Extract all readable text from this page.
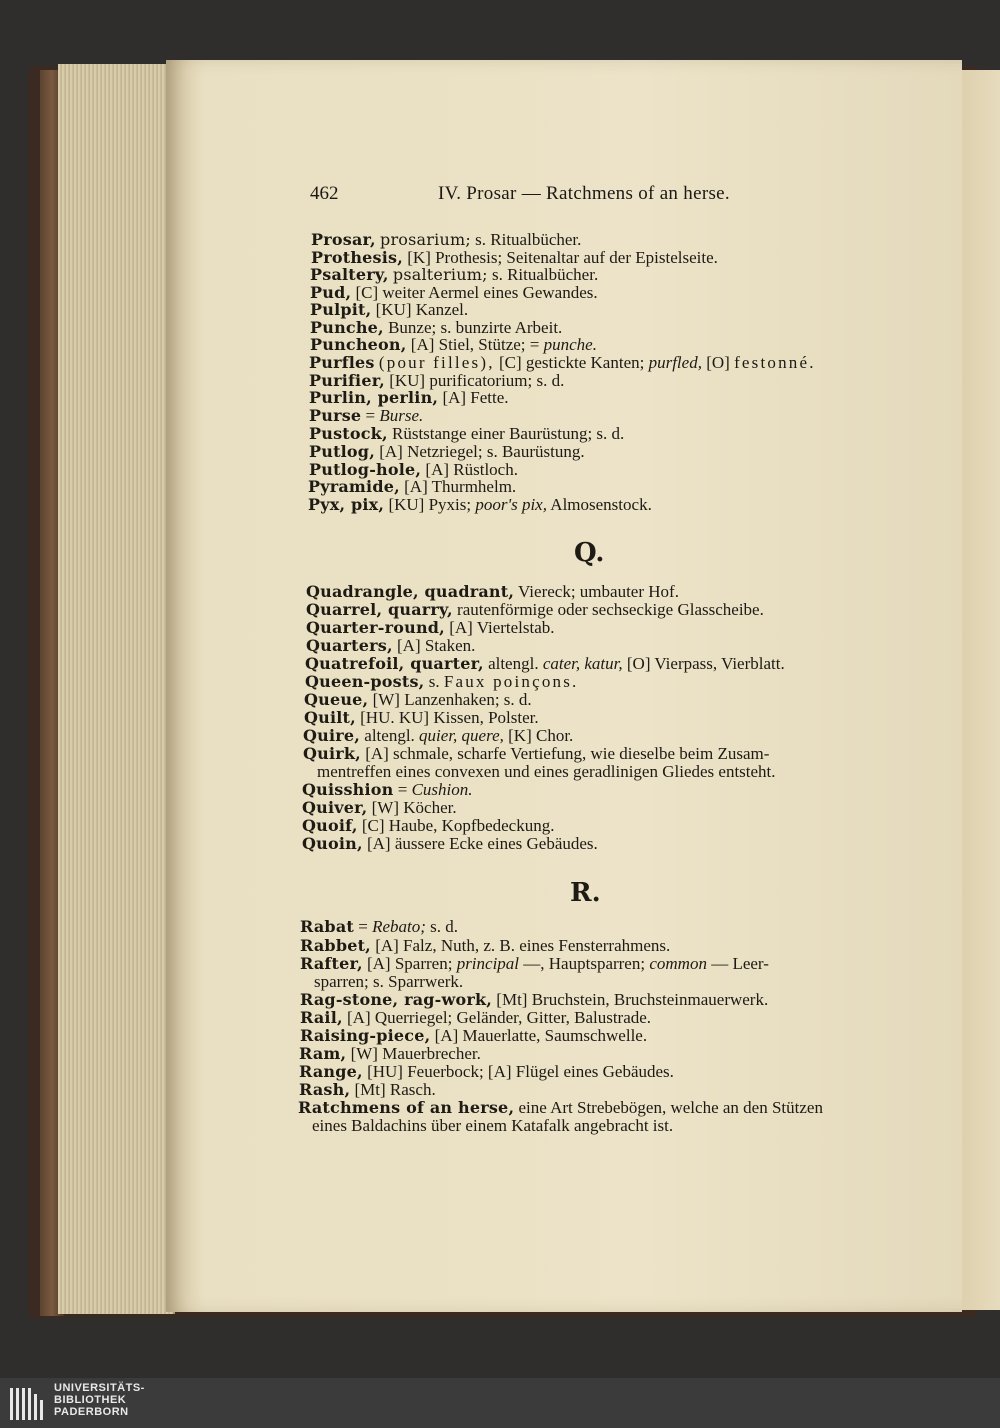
462	IV. Prosar — Ratchmens of an herse.
Prosar, prosarium; s. Ritualbücher.
Prothesis, [K] Prothesis; Seitenaltar auf der Epistelseite.
Psaltery, psalterium; s. Ritualbücher.
Pud, [C] weiter Aermel eines Gewandes.
Pulpit, [KU] Kanzel.
Punche, Bunze; s. bunzirte Arbeit.
Puncheon, [A] Stiel, Stütze; = punche.
Purfles (pour filles), [C] gestickte Kanten; purfled, [O] festonné.
Purifier, [KU] purificatorium; s. d.
Purlin, perlin, [A] Fette.
Purse = Burse.
Pustock, Rüststange einer Baurüstung; s. d.
Putlog, [A] Netzriegel; s. Baurüstung.
Putlog-hole, [A] Rüstloch.
Pyramide, [A] Thurmhelm.
Pyx, pix, [KU] Pyxis; poor's pix, Almosenstock.
Q.
Quadrangle, quadrant, Viereck; umbauter Hof.
Quarrel, quarry, rautenförmige oder sechseckige Glasscheibe.
Quarter-round, [A] Viertelstab.
Quarters, [A] Staken.
Quatrefoil, quarter, altengl. cater, katur, [O] Vierpass, Vierblatt.
Queen-posts, s. Faux poinçons.
Queue, [W] Lanzenhaken; s. d.
Quilt, [HU. KU] Kissen, Polster.
Quire, altengl. quier, quere, [K] Chor.
Quirk, [A] schmale, scharfe Vertiefung, wie dieselbe beim Zusam-
mentreffen eines convexen und eines geradlinigen Gliedes entsteht.
Quisshion = Cushion.
Quiver, [W] Köcher.
Quoif, [C] Haube, Kopfbedeckung.
Quoin, [A] äussere Ecke eines Gebäudes.
R.
Rabat = Rebato; s. d.
Rabbet, [A] Falz, Nuth, z. B. eines Fensterrahmens.
Rafter, [A] Sparren; principal —, Hauptsparren; common — Leer-
sparren; s. Sparrwerk.
Rag-stone, rag-work, [Mt] Bruchstein, Bruchsteinmauerwerk.
Rail, [A] Querriegel; Geländer, Gitter, Balustrade.
Raising-piece, [A] Mauerlatte, Saumschwelle.
Ram, [W] Mauerbrecher.
Range, [HU] Feuerbock; [A] Flügel eines Gebäudes.
Rash, [Mt] Rasch.
Ratchmens of an herse, eine Art Strebebögen, welche an den Stützen
eines Baldachins über einem Katafalk angebracht ist.
UNIVERSITÄTS-
BIBLIOTHEK
PADERBORN
